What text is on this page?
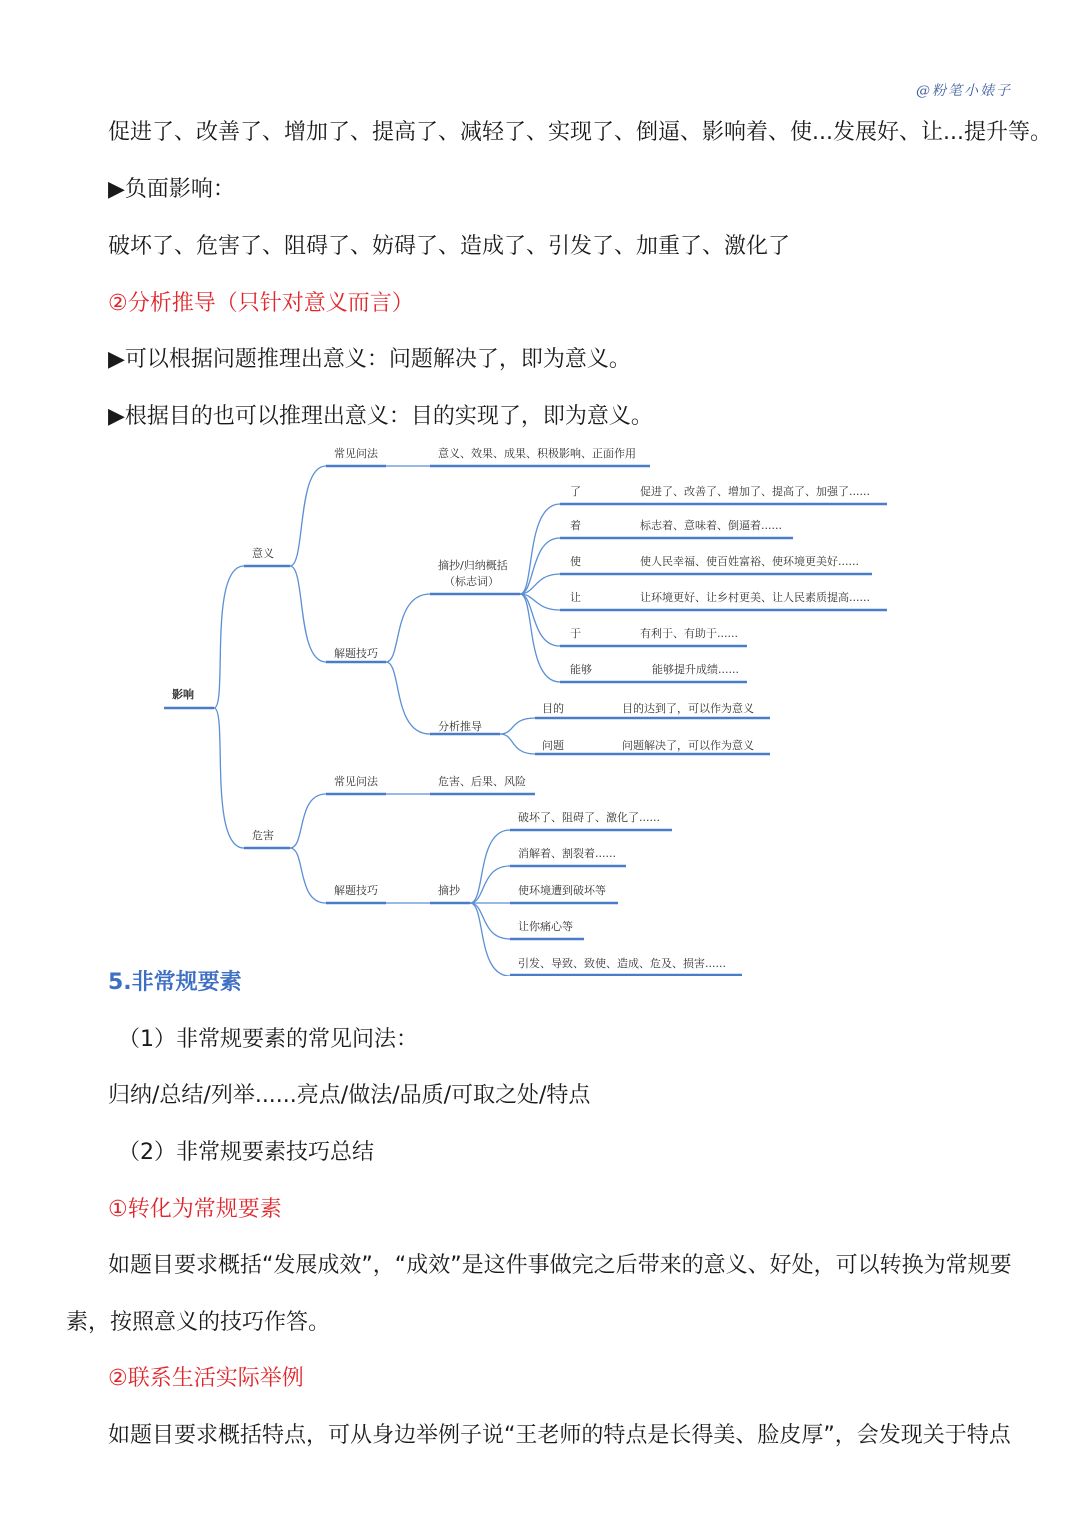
@粉笔小婊子
促进了、改善了、增加了、提高了、减轻了、实现了、倒逼、影响着、使...发展好、让...提升等。
▶负面影响：
破坏了、危害了、阻碍了、妨碍了、造成了、引发了、加重了、激化了
②分析推导（只针对意义而言）
▶可以根据问题推理出意义：问题解决了，即为意义。
▶根据目的也可以推理出意义：目的实现了，即为意义。
影响
意义
常见问法	意义、效果、成果、积极影响、正面作用
解题技巧
摘抄/归纳概括
（标志词）
了	促进了、改善了、增加了、提高了、加强了......
着	标志着、意味着、倒逼着......
使	使人民幸福、使百姓富裕、使环境更美好......
让	让环境更好、让乡村更美、让人民素质提高......
于	有利于、有助于......
能够	能够提升成绩......
分析推导
目的	目的达到了，可以作为意义
问题	问题解决了，可以作为意义
危害
常见问法	危害、后果、风险
解题技巧	摘抄
破坏了、阻碍了、激化了......
消解着、割裂着......
使环境遭到破坏等
让你痛心等
引发、导致、致使、造成、危及、损害......
5.非常规要素
（1）非常规要素的常见问法：
归纳/总结/列举......亮点/做法/品质/可取之处/特点
（2）非常规要素技巧总结
①转化为常规要素
如题目要求概括“发展成效”，“成效”是这件事做完之后带来的意义、好处，可以转换为常规要
素，按照意义的技巧作答。
②联系生活实际举例
如题目要求概括特点，可从身边举例子说“王老师的特点是长得美、脸皮厚”，会发现关于特点
